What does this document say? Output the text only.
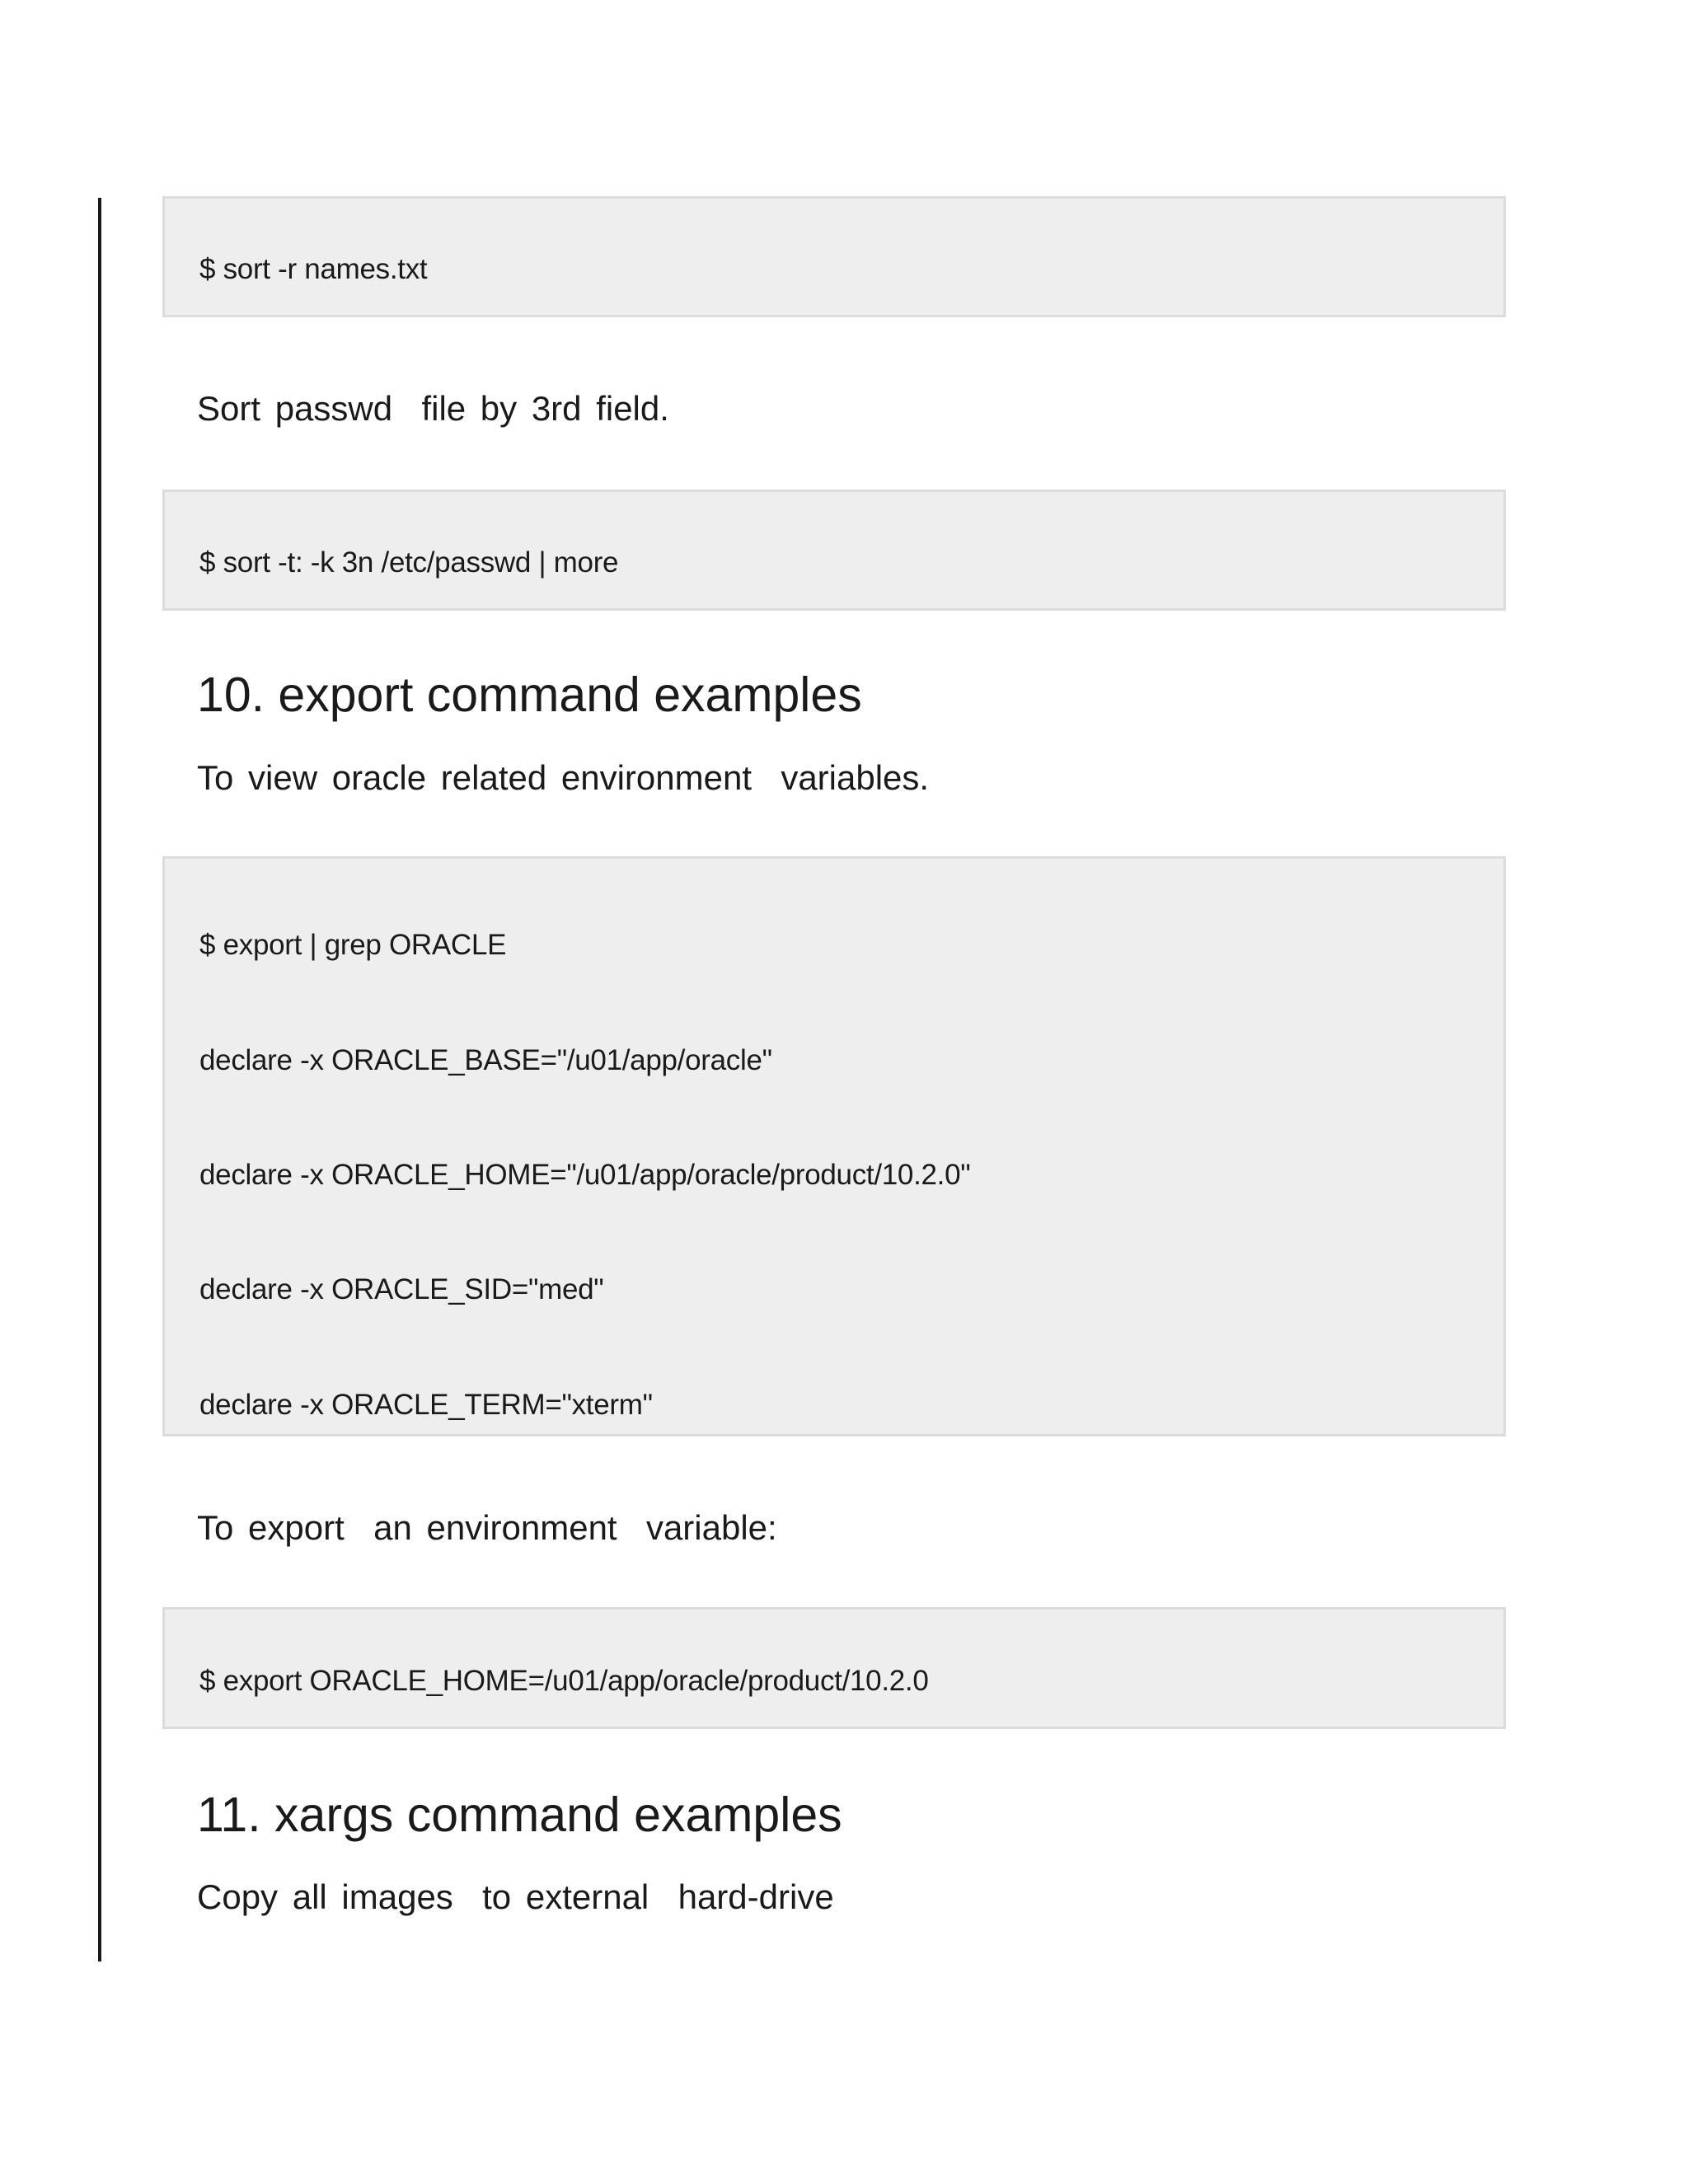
$ sort -r names.txt
Sort passwd  file by 3rd field.
$ sort -t: -k 3n /etc/passwd | more
10. export command examples
To view oracle related environment  variables.
$ export | grep ORACLE
declare -x ORACLE_BASE="/u01/app/oracle"
declare -x ORACLE_HOME="/u01/app/oracle/product/10.2.0"
declare -x ORACLE_SID="med"
declare -x ORACLE_TERM="xterm"
To export  an environment  variable:
$ export ORACLE_HOME=/u01/app/oracle/product/10.2.0
11. xargs command examples
Copy all images  to external  hard-drive
